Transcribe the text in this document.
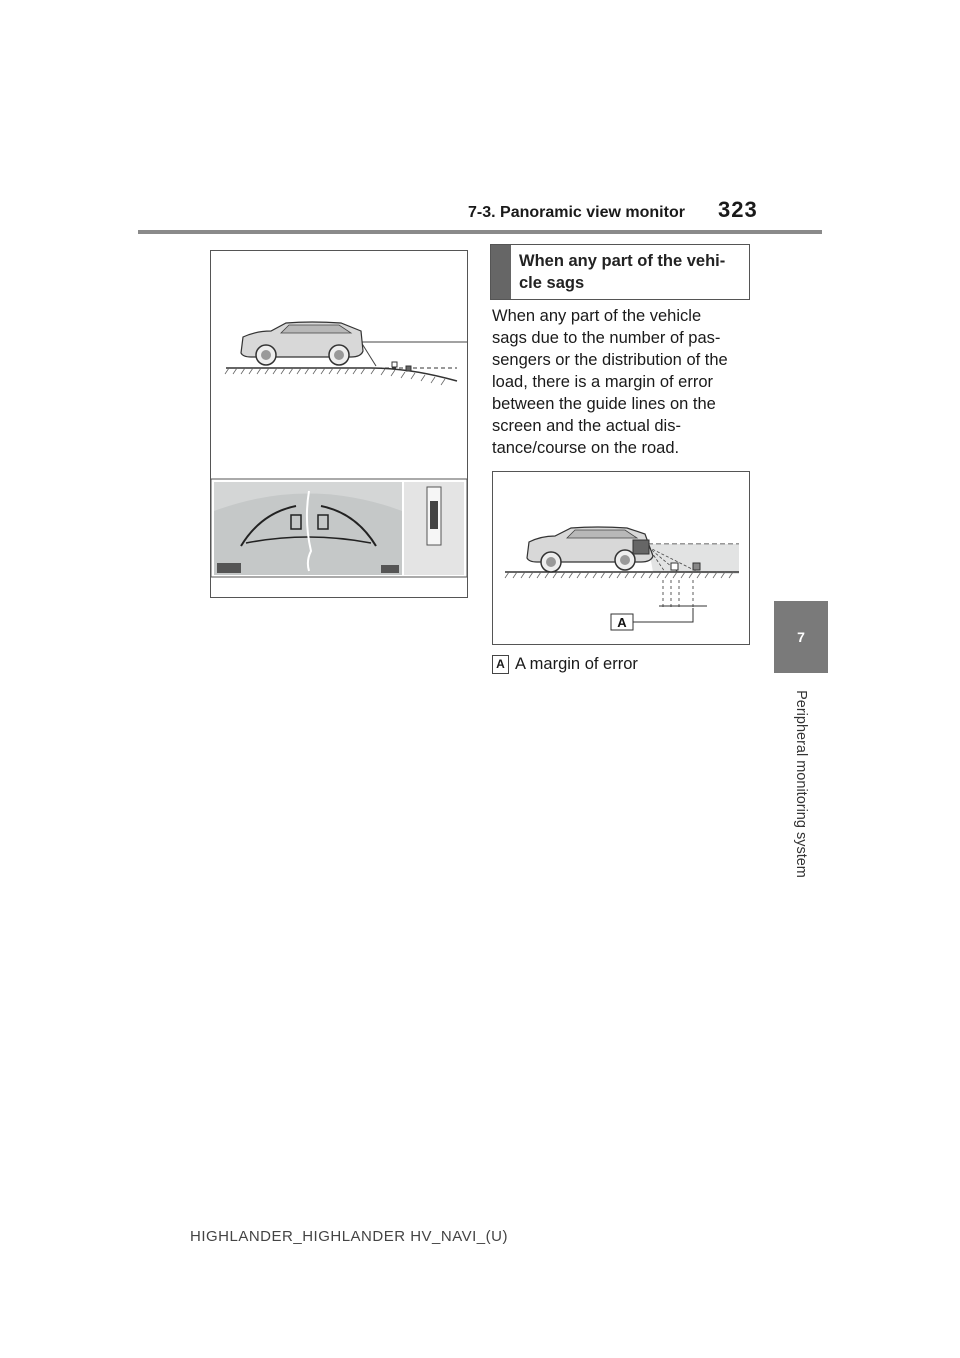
7-3. Panoramic view monitor 323
7
Peripheral monitoring system
When any part of the vehi-
cle sags
When any part of the vehicle
sags due to the number of pas-
sengers or the distribution of the
load, there is a margin of error
between the guide lines on the
screen and the actual dis-
tance/course on the road.
A
A A margin of error
HIGHLANDER_HIGHLANDER HV_NAVI_(U)
